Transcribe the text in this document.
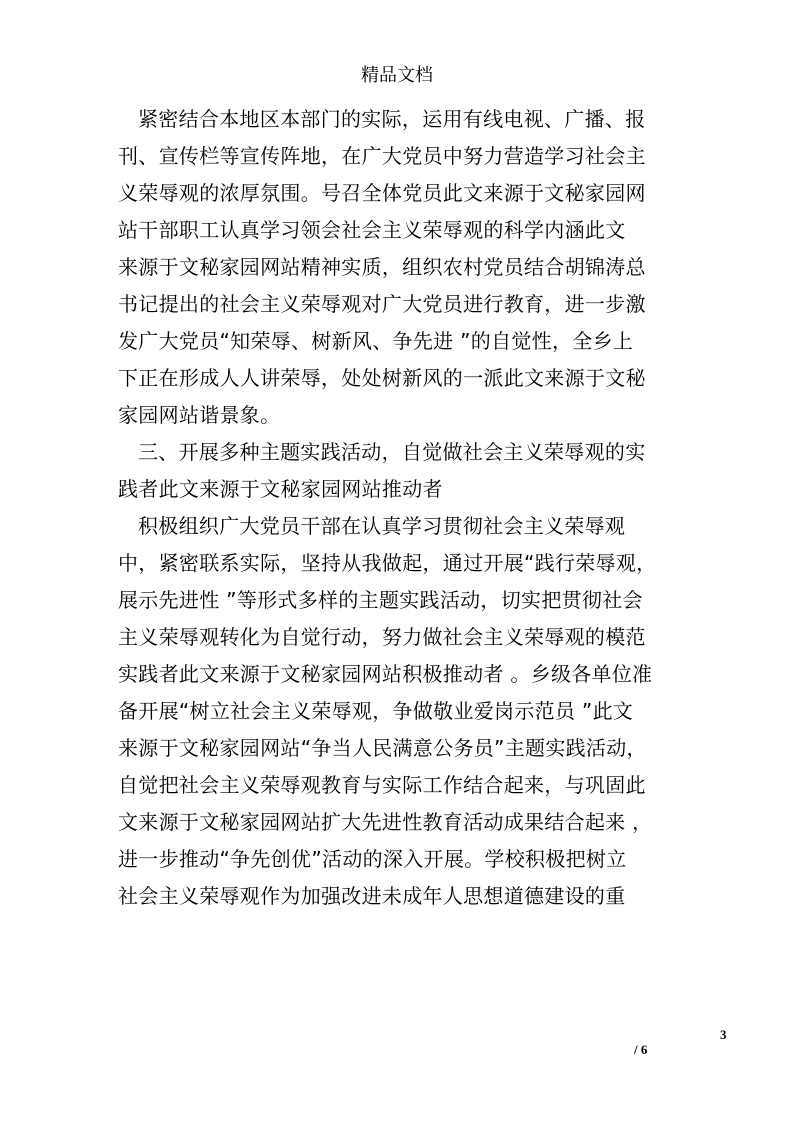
精品文档
紧密结合本地区本部门的实际，运用有线电视、广播、报
刊、宣传栏等宣传阵地，在广大党员中努力营造学习社会主
义荣辱观的浓厚氛围。号召全体党员此文来源于文秘家园网
站干部职工认真学习领会社会主义荣辱观的科学内涵此文
来源于文秘家园网站精神实质，组织农村党员结合胡锦涛总
书记提出的社会主义荣辱观对广大党员进行教育，进一步激
发广大党员“知荣辱、树新风、争先进 ”的自觉性，全乡上
下正在形成人人讲荣辱，处处树新风的一派此文来源于文秘
家园网站谐景象。
三、开展多种主题实践活动，自觉做社会主义荣辱观的实
践者此文来源于文秘家园网站推动者
积极组织广大党员干部在认真学习贯彻社会主义荣辱观
中，紧密联系实际，坚持从我做起，通过开展“践行荣辱观，
展示先进性 ”等形式多样的主题实践活动，切实把贯彻社会
主义荣辱观转化为自觉行动，努力做社会主义荣辱观的模范
实践者此文来源于文秘家园网站积极推动者 。乡级各单位准
备开展“树立社会主义荣辱观，争做敬业爱岗示范员 ”此文
来源于文秘家园网站“争当人民满意公务员”主题实践活动，
自觉把社会主义荣辱观教育与实际工作结合起来，与巩固此
文来源于文秘家园网站扩大先进性教育活动成果结合起来 ，
进一步推动“争先创优”活动的深入开展。学校积极把树立
社会主义荣辱观作为加强改进未成年人思想道德建设的重
3
/ 6
